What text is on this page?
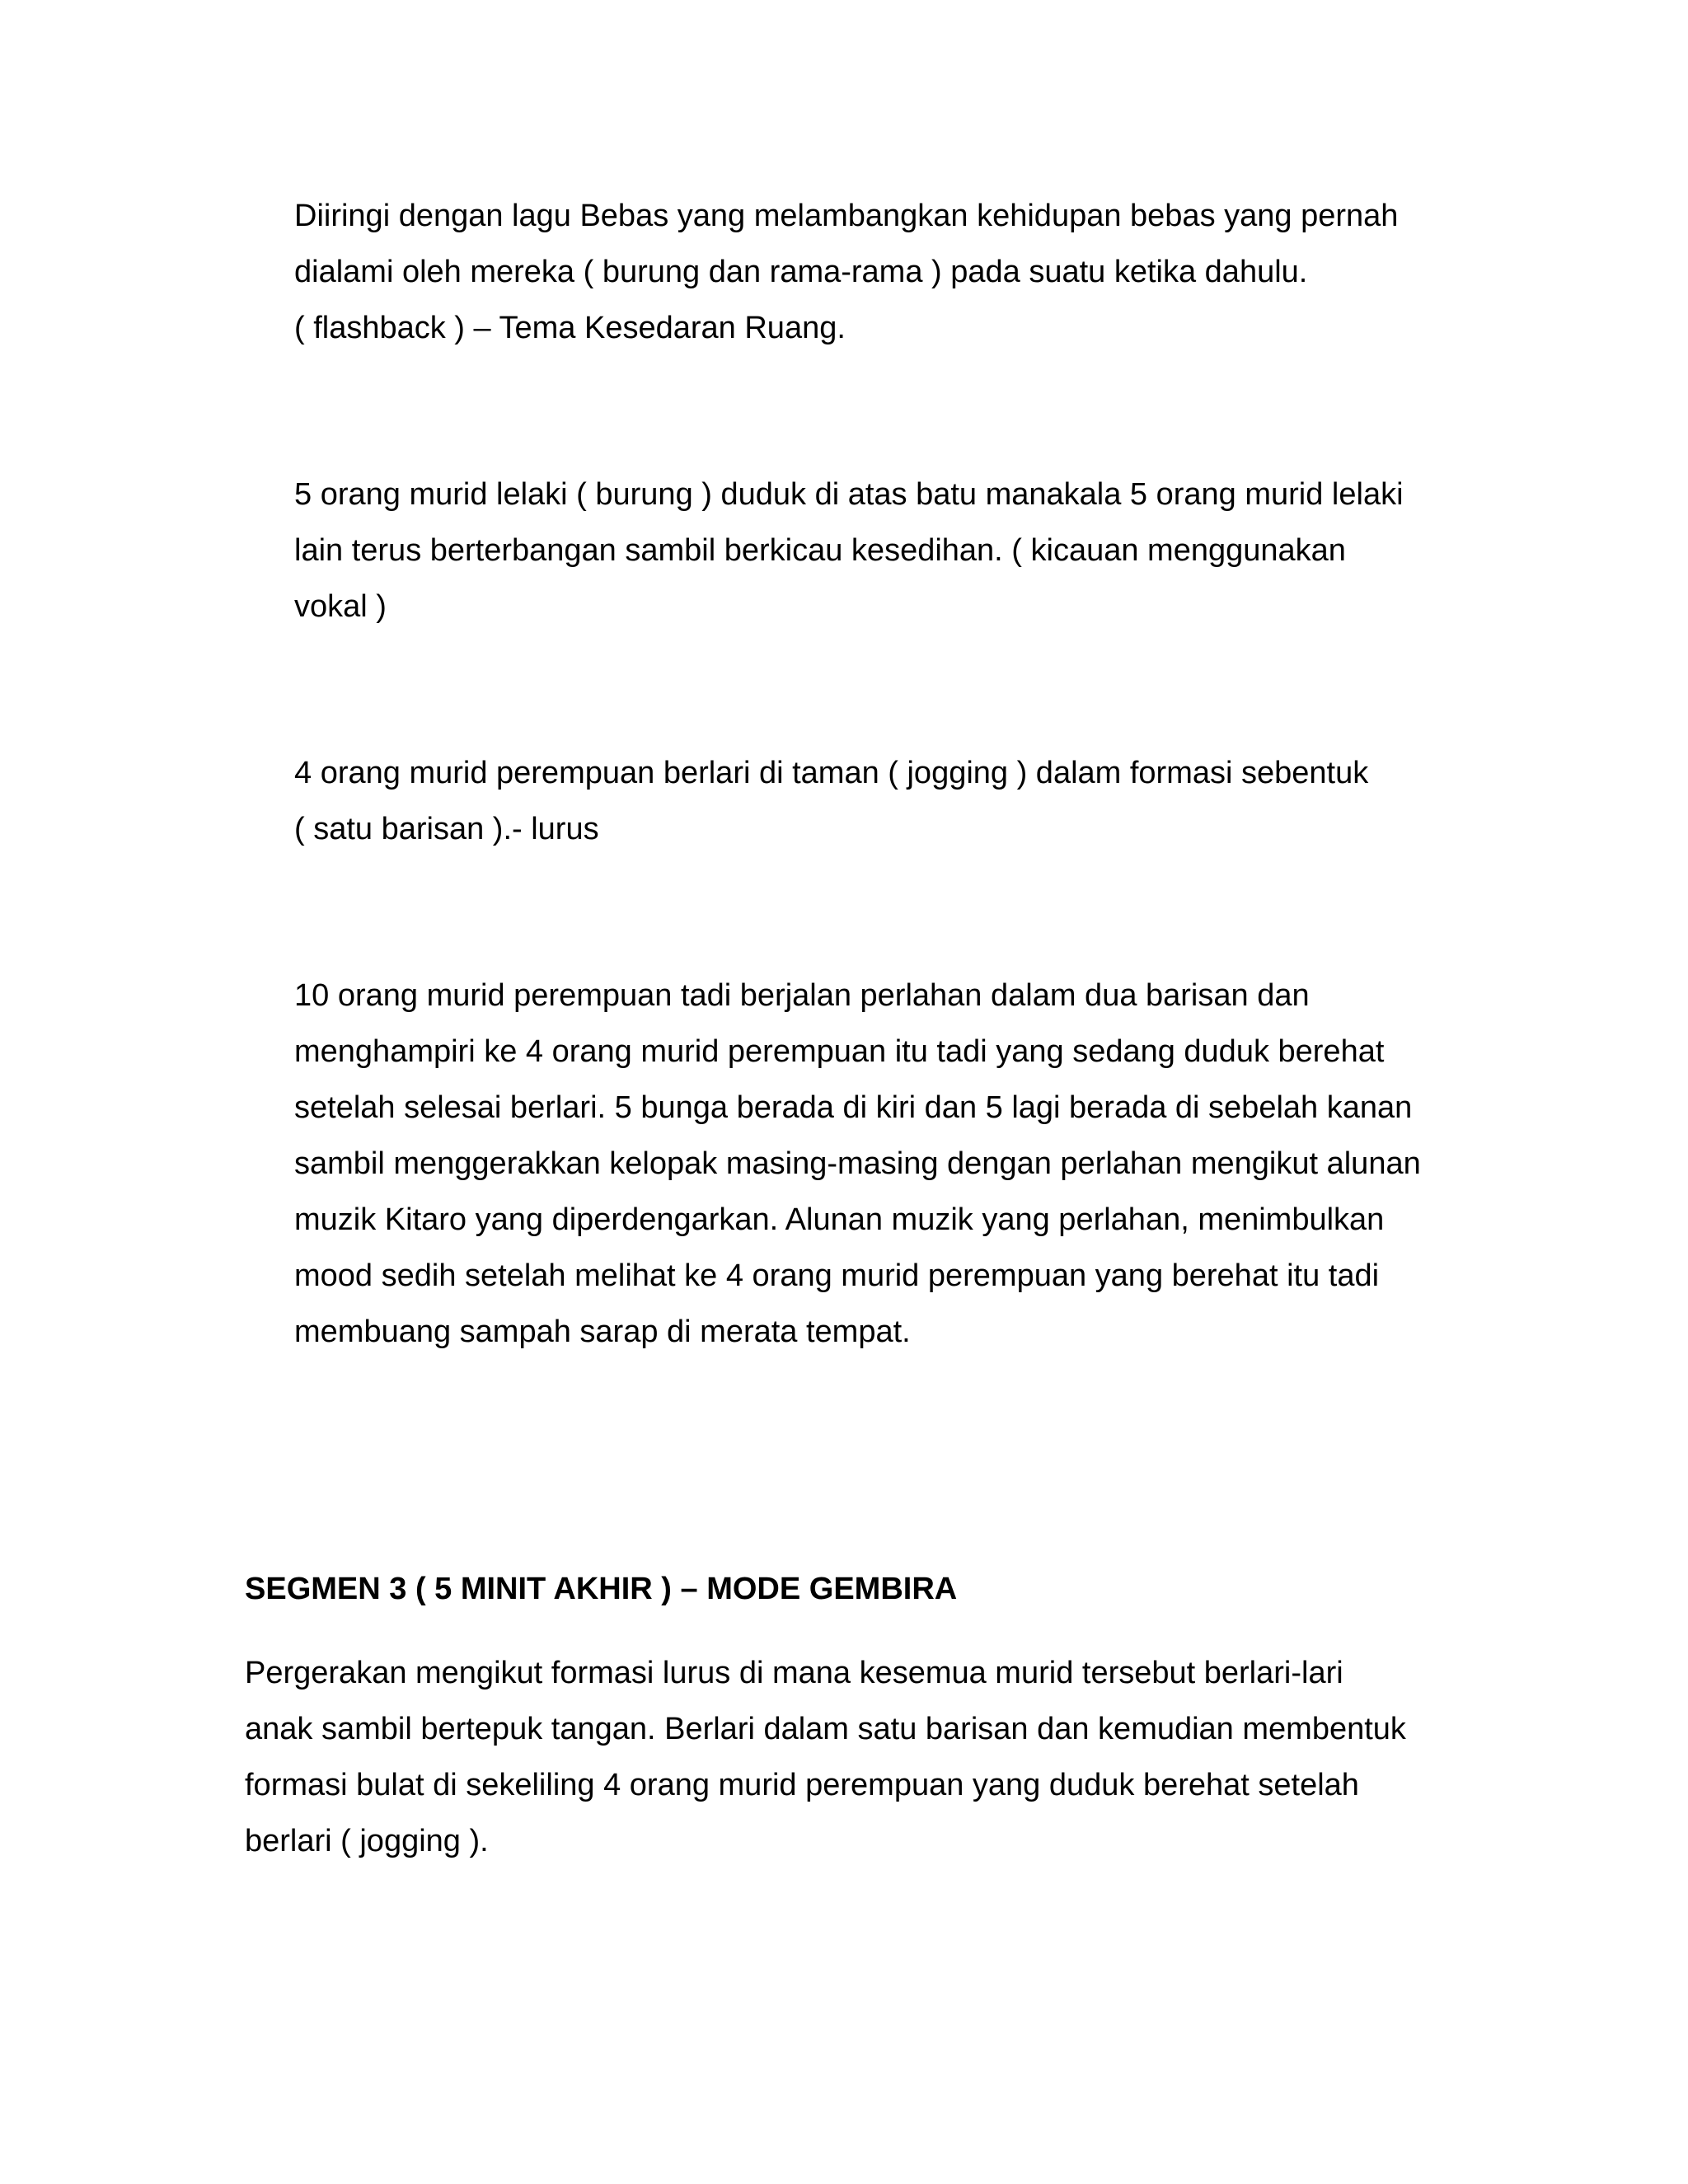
Diiringi dengan lagu Bebas yang melambangkan kehidupan bebas yang pernah
dialami oleh mereka ( burung dan rama-rama ) pada suatu ketika dahulu.
( flashback ) – Tema Kesedaran Ruang.

5 orang murid lelaki ( burung ) duduk di atas batu manakala 5 orang murid lelaki
lain terus berterbangan sambil berkicau kesedihan. ( kicauan menggunakan
vokal )

4 orang murid perempuan berlari di taman ( jogging ) dalam formasi sebentuk
( satu barisan ).- lurus

10 orang murid perempuan tadi berjalan perlahan dalam dua barisan dan
menghampiri ke 4 orang murid perempuan itu tadi yang sedang duduk berehat
setelah selesai berlari. 5 bunga berada di kiri dan 5 lagi berada di sebelah kanan
sambil menggerakkan kelopak masing-masing dengan perlahan mengikut alunan
muzik Kitaro yang diperdengarkan. Alunan muzik yang perlahan, menimbulkan
mood sedih setelah melihat ke 4 orang murid perempuan yang berehat itu tadi
membuang sampah sarap di merata tempat.

SEGMEN 3 ( 5 MINIT AKHIR ) – MODE GEMBIRA

Pergerakan mengikut formasi lurus di mana kesemua murid tersebut berlari-lari
anak sambil bertepuk tangan. Berlari dalam satu barisan dan kemudian membentuk
formasi bulat di sekeliling 4 orang murid perempuan yang duduk berehat setelah
berlari ( jogging ).
